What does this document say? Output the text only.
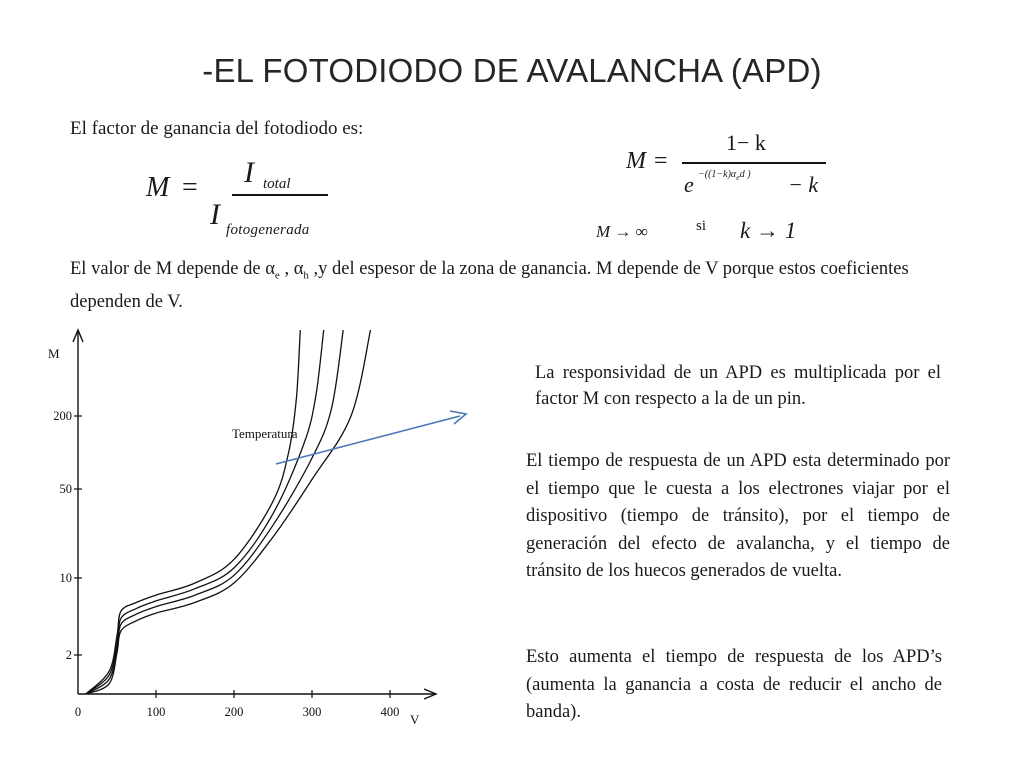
-EL FOTODIODO DE AVALANCHA (APD)
El factor de ganancia del fotodiodo es:
M = I total
I fotogenerada
M =
1− k
$e -((1-k)\alpha_ed$ ) − k
M → ∞	si k → 1
El valor de M depende de $\alpha_e$ , $\alpha_h$ ,y del espesor de la zona de ganancia. M depende de V porque estos coeficientes dependen de V.
M
V
200
50
10
2
0	100	200	300	400
Temperatura
La responsividad de un APD es multiplicada por el factor M con respecto a la de un pin.
El tiempo de respuesta de un APD esta determinado por el tiempo que le cuesta a los electrones viajar por el dispositivo (tiempo de tránsito), por el tiempo de generación del efecto de avalancha, y el tiempo de tránsito de los huecos generados de vuelta.
Esto aumenta el tiempo de respuesta de los APD’s (aumenta la ganancia a costa de reducir el ancho de banda).
